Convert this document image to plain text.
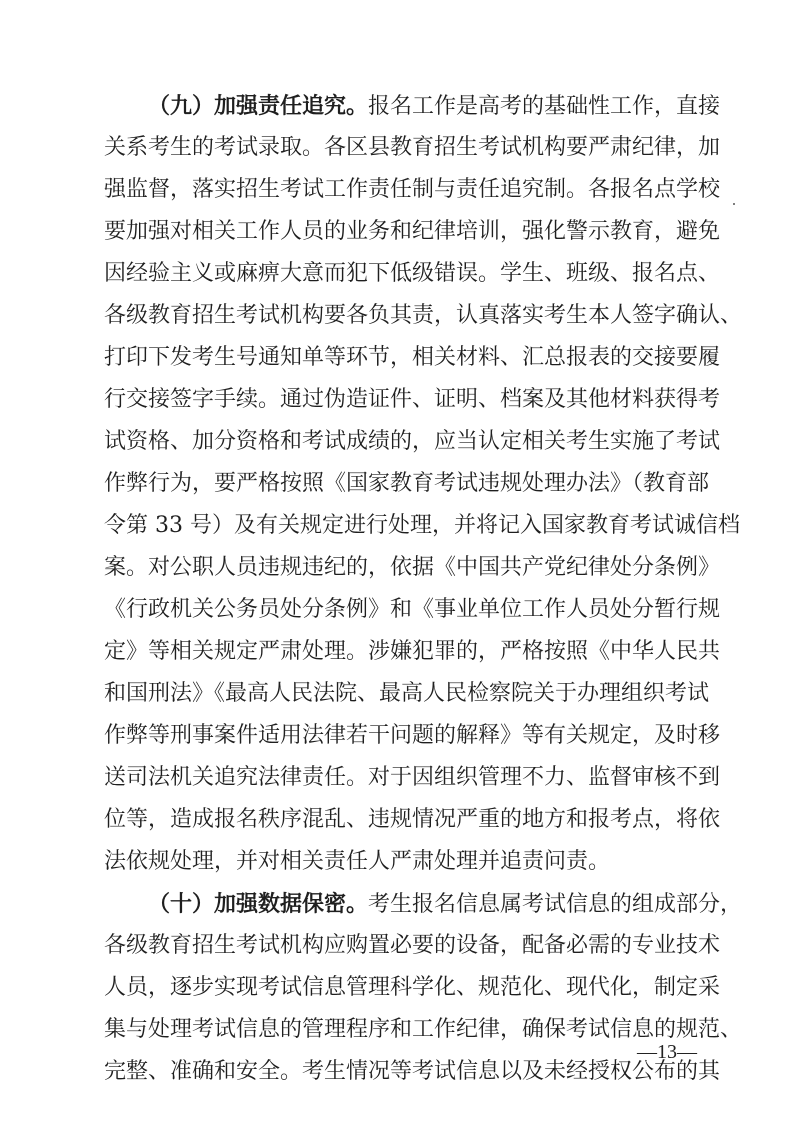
（九）加强责任追究。报名工作是高考的基础性工作，直接
关系考生的考试录取。各区县教育招生考试机构要严肃纪律，加
强监督，落实招生考试工作责任制与责任追究制。各报名点学校
要加强对相关工作人员的业务和纪律培训，强化警示教育，避免
因经验主义或麻痹大意而犯下低级错误。学生、班级、报名点、
各级教育招生考试机构要各负其责，认真落实考生本人签字确认、
打印下发考生号通知单等环节，相关材料、汇总报表的交接要履
行交接签字手续。通过伪造证件、证明、档案及其他材料获得考
试资格、加分资格和考试成绩的，应当认定相关考生实施了考试
作弊行为，要严格按照《国家教育考试违规处理办法》（教育部
令第 33 号）及有关规定进行处理，并将记入国家教育考试诚信档
案。对公职人员违规违纪的，依据《中国共产党纪律处分条例》
《行政机关公务员处分条例》和《事业单位工作人员处分暂行规
定》等相关规定严肃处理。涉嫌犯罪的，严格按照《中华人民共
和国刑法》《最高人民法院、最高人民检察院关于办理组织考试
作弊等刑事案件适用法律若干问题的解释》等有关规定，及时移
送司法机关追究法律责任。对于因组织管理不力、监督审核不到
位等，造成报名秩序混乱、违规情况严重的地方和报考点，将依
法依规处理，并对相关责任人严肃处理并追责问责。
（十）加强数据保密。考生报名信息属考试信息的组成部分，
各级教育招生考试机构应购置必要的设备，配备必需的专业技术
人员，逐步实现考试信息管理科学化、规范化、现代化，制定采
集与处理考试信息的管理程序和工作纪律，确保考试信息的规范、
完整、准确和安全。考生情况等考试信息以及未经授权公布的其
—13—
